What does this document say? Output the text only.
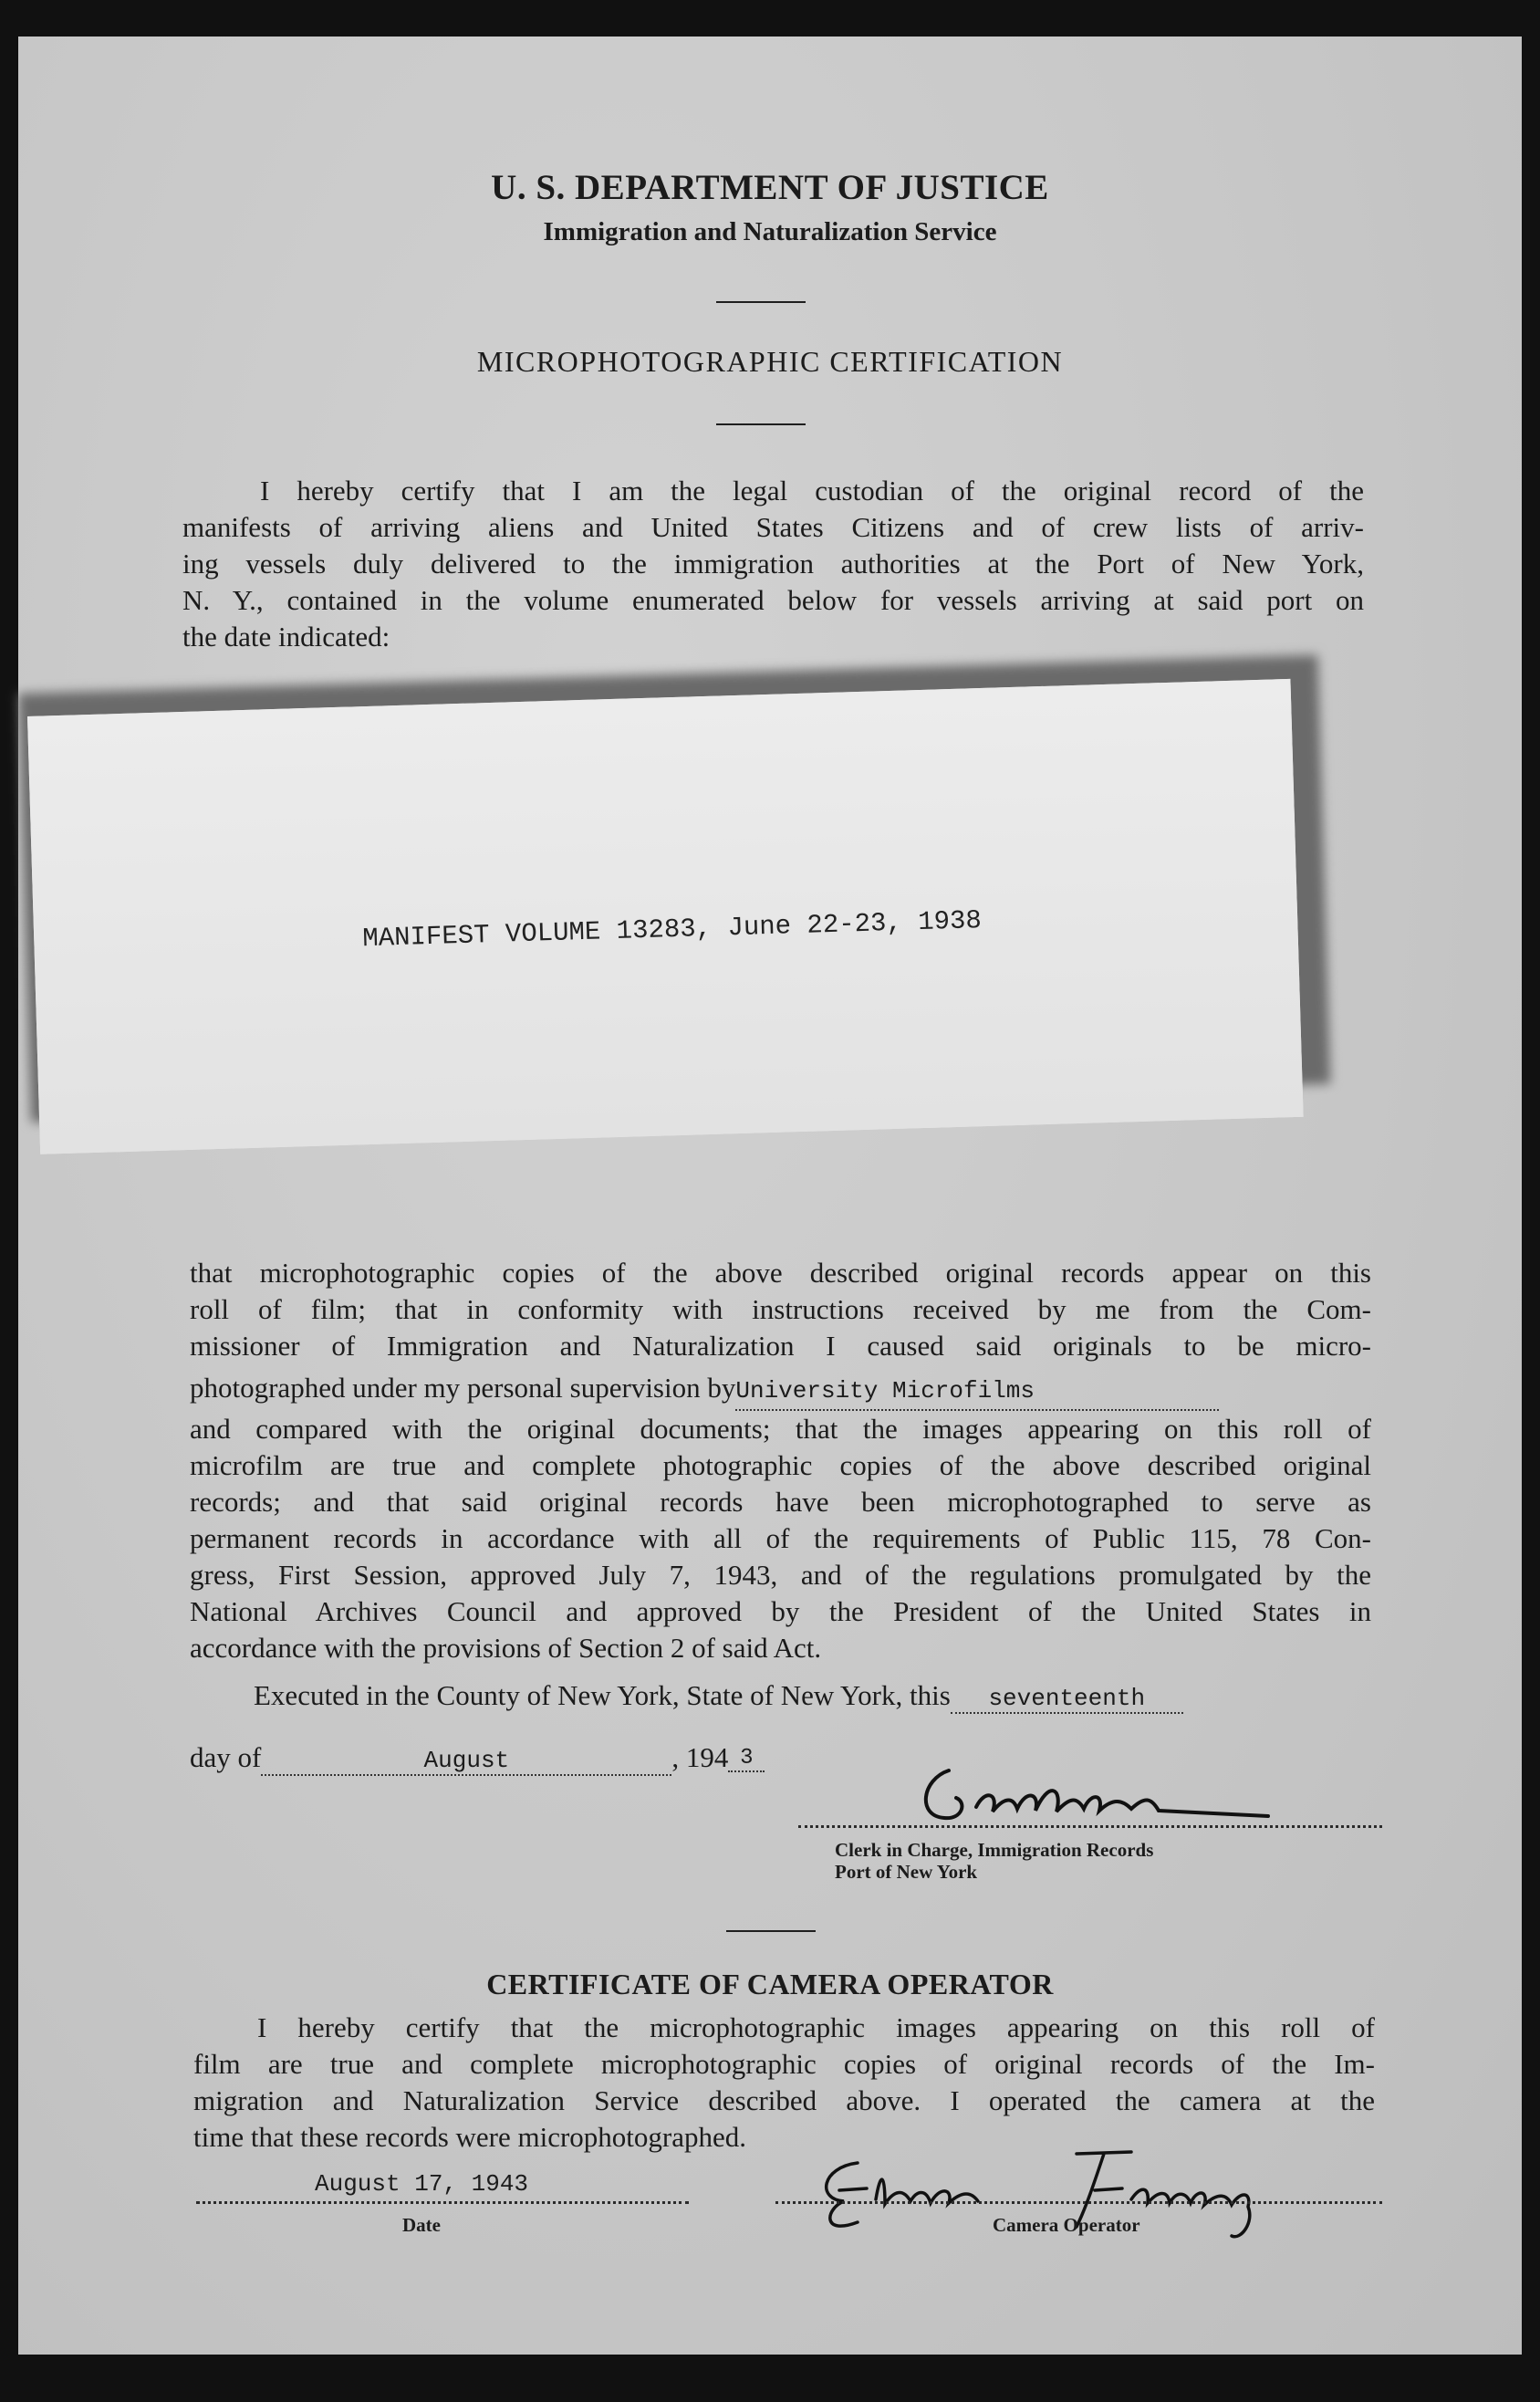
U. S. DEPARTMENT OF JUSTICE
Immigration and Naturalization Service
MICROPHOTOGRAPHIC CERTIFICATION
I hereby certify that I am the legal custodian of the original record of the
manifests of arriving aliens and United States Citizens and of crew lists of arriv-
ing vessels duly delivered to the immigration authorities at the Port of New York,
N. Y., contained in the volume enumerated below for vessels arriving at said port on
the date indicated:
MANIFEST VOLUME 13283, June 22-23, 1938
that microphotographic copies of the above described original records appear on this
roll of film; that in conformity with instructions received by me from the Com-
missioner of Immigration and Naturalization I caused said originals to be micro-
photographed under my personal supervision byUniversity Microfilms
and compared with the original documents; that the images appearing on this roll of
microfilm are true and complete photographic copies of the above described original
records; and that said original records have been microphotographed to serve as
permanent records in accordance with all of the requirements of Public 115, 78 Con-
gress, First Session, approved July 7, 1943, and of the regulations promulgated by the
National Archives Council and approved by the President of the United States in
accordance with the provisions of Section 2 of said Act.
Executed in the County of New York, State of New York, this seventeenth
day of	August	, 194 3
Clerk in Charge, Immigration Records
Port of New York
CERTIFICATE OF CAMERA OPERATOR
I hereby certify that the microphotographic images appearing on this roll of
film are true and complete microphotographic copies of original records of the Im-
migration and Naturalization Service described above. I operated the camera at the
time that these records were microphotographed.
August 17, 1943
Date	Camera Operator
